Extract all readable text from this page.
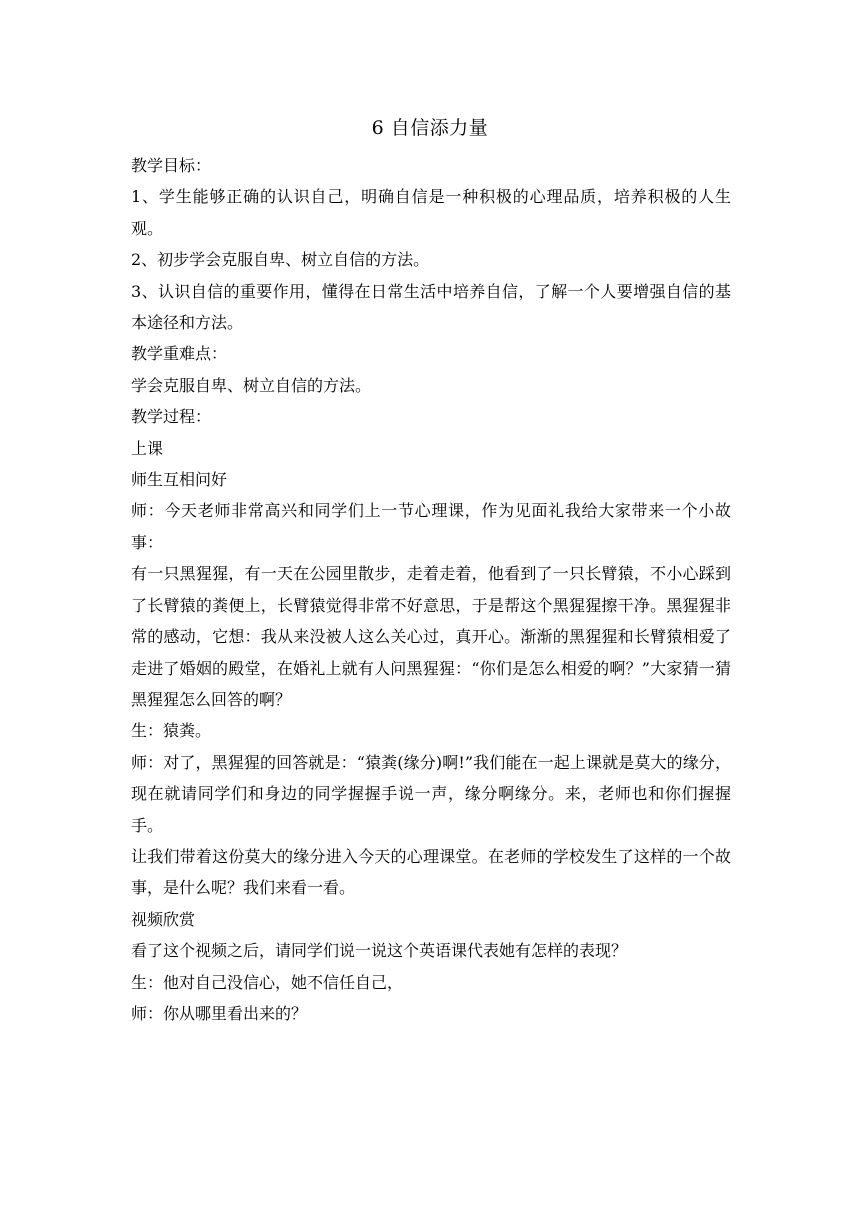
6 自信添力量

教学目标：

1、学生能够正确的认识自己，明确自信是一种积极的心理品质，培养积极的人生观。

2、初步学会克服自卑、树立自信的方法。

3、认识自信的重要作用，懂得在日常生活中培养自信，了解一个人要增强自信的基本途径和方法。

教学重难点：

学会克服自卑、树立自信的方法。

教学过程：

上课

师生互相问好

师：今天老师非常高兴和同学们上一节心理课，作为见面礼我给大家带来一个小故事：

有一只黑猩猩，有一天在公园里散步，走着走着，他看到了一只长臂猿，不小心踩到了长臂猿的粪便上，长臂猿觉得非常不好意思，于是帮这个黑猩猩擦干净。黑猩猩非常的感动，它想：我从来没被人这么关心过，真开心。渐渐的黑猩猩和长臂猿相爱了走进了婚姻的殿堂，在婚礼上就有人问黑猩猩：“你们是怎么相爱的啊？”大家猜一猜黑猩猩怎么回答的啊？

生：猿粪。

师：对了，黑猩猩的回答就是：“猿粪(缘分)啊!”我们能在一起上课就是莫大的缘分，现在就请同学们和身边的同学握握手说一声，缘分啊缘分。来，老师也和你们握握手。

让我们带着这份莫大的缘分进入今天的心理课堂。在老师的学校发生了这样的一个故事，是什么呢？我们来看一看。

视频欣赏

看了这个视频之后，请同学们说一说这个英语课代表她有怎样的表现？

生：他对自己没信心，她不信任自己，

师：你从哪里看出来的？
